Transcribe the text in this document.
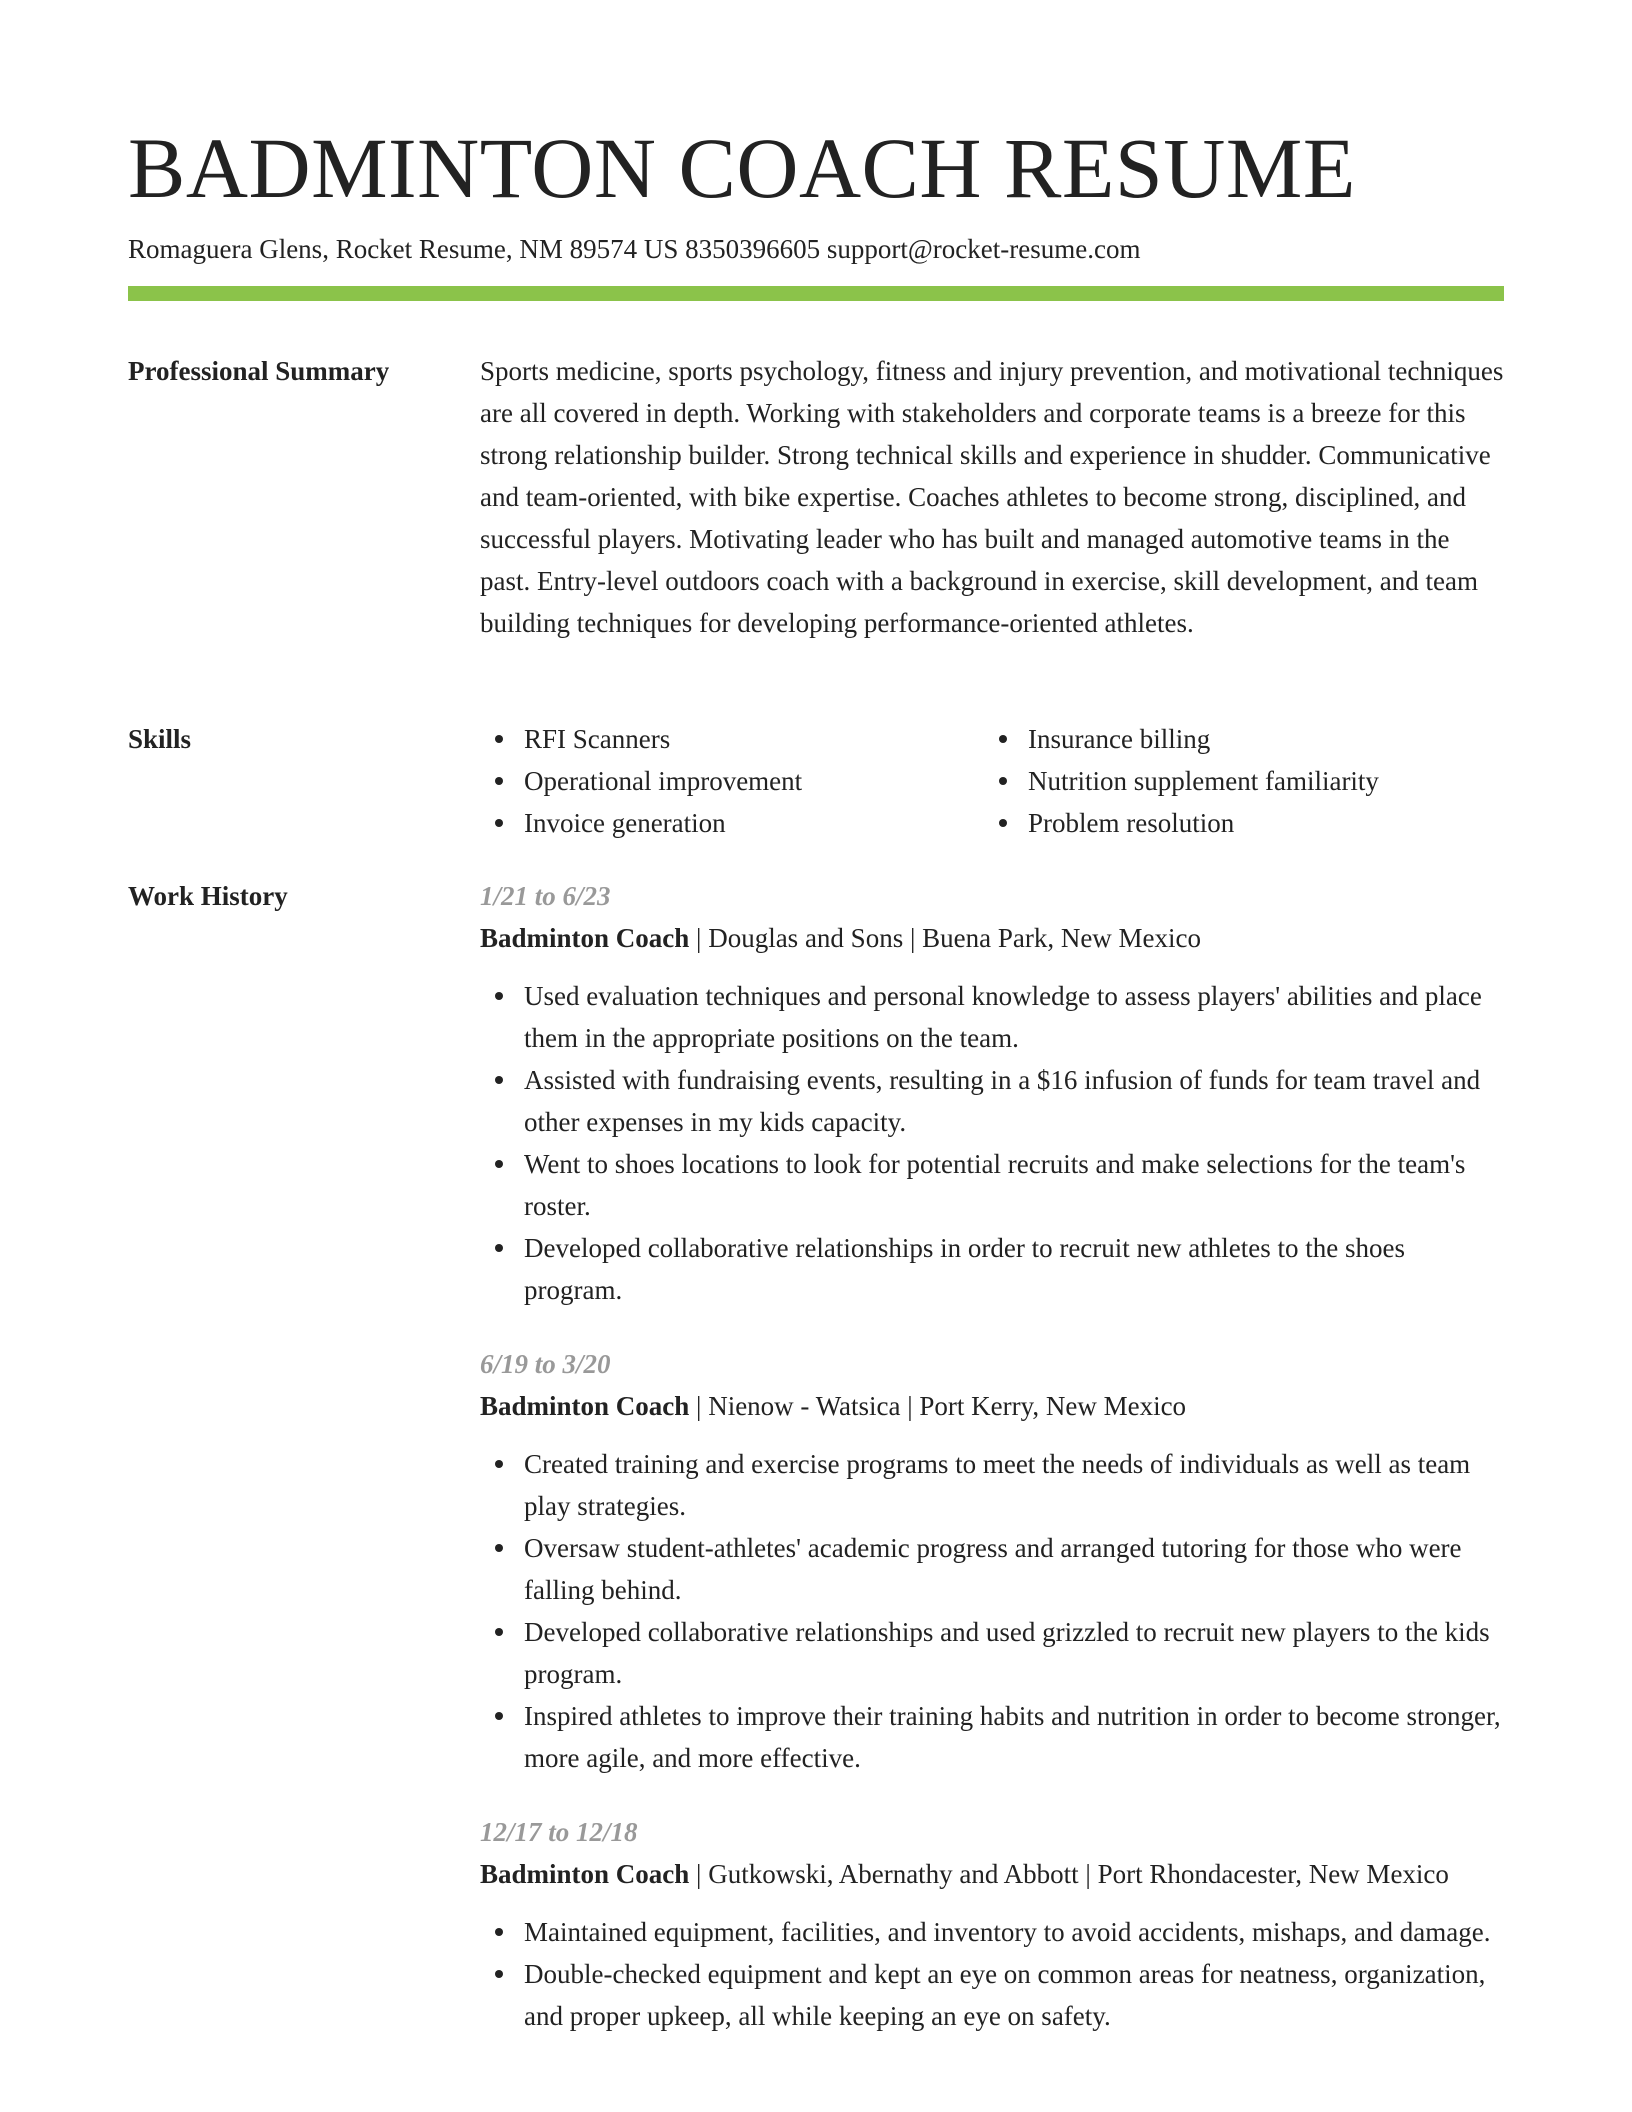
BADMINTON COACH RESUME
Romaguera Glens, Rocket Resume, NM 89574 US 8350396605 support@rocket-resume.com
Professional Summary	Sports medicine, sports psychology, fitness and injury prevention, and motivational techniques are all covered in depth. Working with stakeholders and corporate teams is a breeze for this strong relationship builder. Strong technical skills and experience in shudder. Communicative and team-oriented, with bike expertise. Coaches athletes to become strong, disciplined, and successful players. Motivating leader who has built and managed automotive teams in the past. Entry-level outdoors coach with a background in exercise, skill development, and team building techniques for developing performance-oriented athletes.

Skills	RFI Scanners
Operational improvement
Invoice generation
Insurance billing
Nutrition supplement familiarity
Problem resolution
Work History	1/21 to 6/23
Badminton Coach | Douglas and Sons | Buena Park, New Mexico
Used evaluation techniques and personal knowledge to assess players' abilities and place them in the appropriate positions on the team.
Assisted with fundraising events, resulting in a $16 infusion of funds for team travel and other expenses in my kids capacity.
Went to shoes locations to look for potential recruits and make selections for the team's roster.
Developed collaborative relationships in order to recruit new athletes to the shoes program.
6/19 to 3/20
Badminton Coach | Nienow - Watsica | Port Kerry, New Mexico
Created training and exercise programs to meet the needs of individuals as well as team play strategies.
Oversaw student-athletes' academic progress and arranged tutoring for those who were falling behind.
Developed collaborative relationships and used grizzled to recruit new players to the kids program.
Inspired athletes to improve their training habits and nutrition in order to become stronger, more agile, and more effective.
12/17 to 12/18
Badminton Coach | Gutkowski, Abernathy and Abbott | Port Rhondacester, New Mexico
Maintained equipment, facilities, and inventory to avoid accidents, mishaps, and damage.
Double-checked equipment and kept an eye on common areas for neatness, organization, and proper upkeep, all while keeping an eye on safety.
